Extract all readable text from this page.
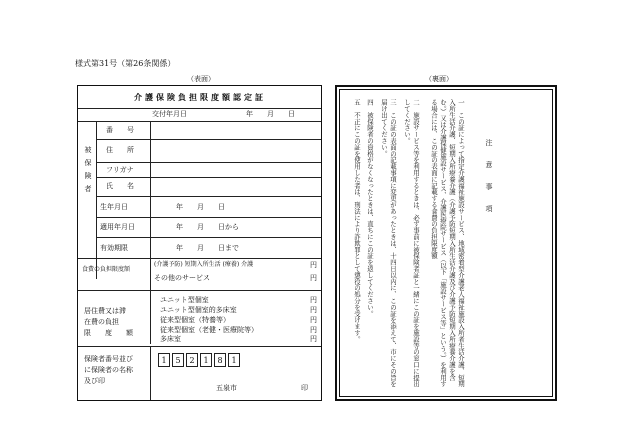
様式第31号（第26条関係）
（表面）	（裏面）
介護保険負担限度額認定証
交付年月日	年　　月　　日
被保険者
番　　号
住　　所
フリガナ
氏　　名
生年月日	年　　月　　日
適用年月日	年　　月　　日から
有効期限	年　　月　　日まで
食費の負担限度額
(介護予防) 短期入所生活 (療養) 介護	円
その他のサービス	円
居住費又は滞
在費の負担
限　　度　　額
ユニット型個室	円
ユニット型個室的多床室	円
従来型個室（特養等）	円
従来型個室（老健・医療院等）	円
多床室	円
保険者番号並び
に保険者の名称
及び印
1	5	2	1	8	1
五泉市	印
注　意　事　項
一　この証によって指定介護福祉施設サービス、地域密着型介護老人福祉施設入所者生活介護、短期入所生活介護、短期入所療養介護（介護予防短期入所生活介護及び介護予防短期入所療養介護を含む。）又は介護保健施設サービス、介護医療院サービス（以下「施設サービス等」という。）を利用する場合には、この証の表面に記載する食費の負担限度額
二　施設サービス等を利用するときは、必ず事前に被保険者証と一緒にこの証を施設等の窓口に提出してください。
三　この証の表面の記載事項に変更があったときは、十四日以内に、この証を添えて、市にその旨を届け出てください。
四　被保険者の資格がなくなったときは、直ちにこの証を返してください。
五　不正にこの証を使用した者は、刑法により詐欺罪として懲役の処分を受けます。
